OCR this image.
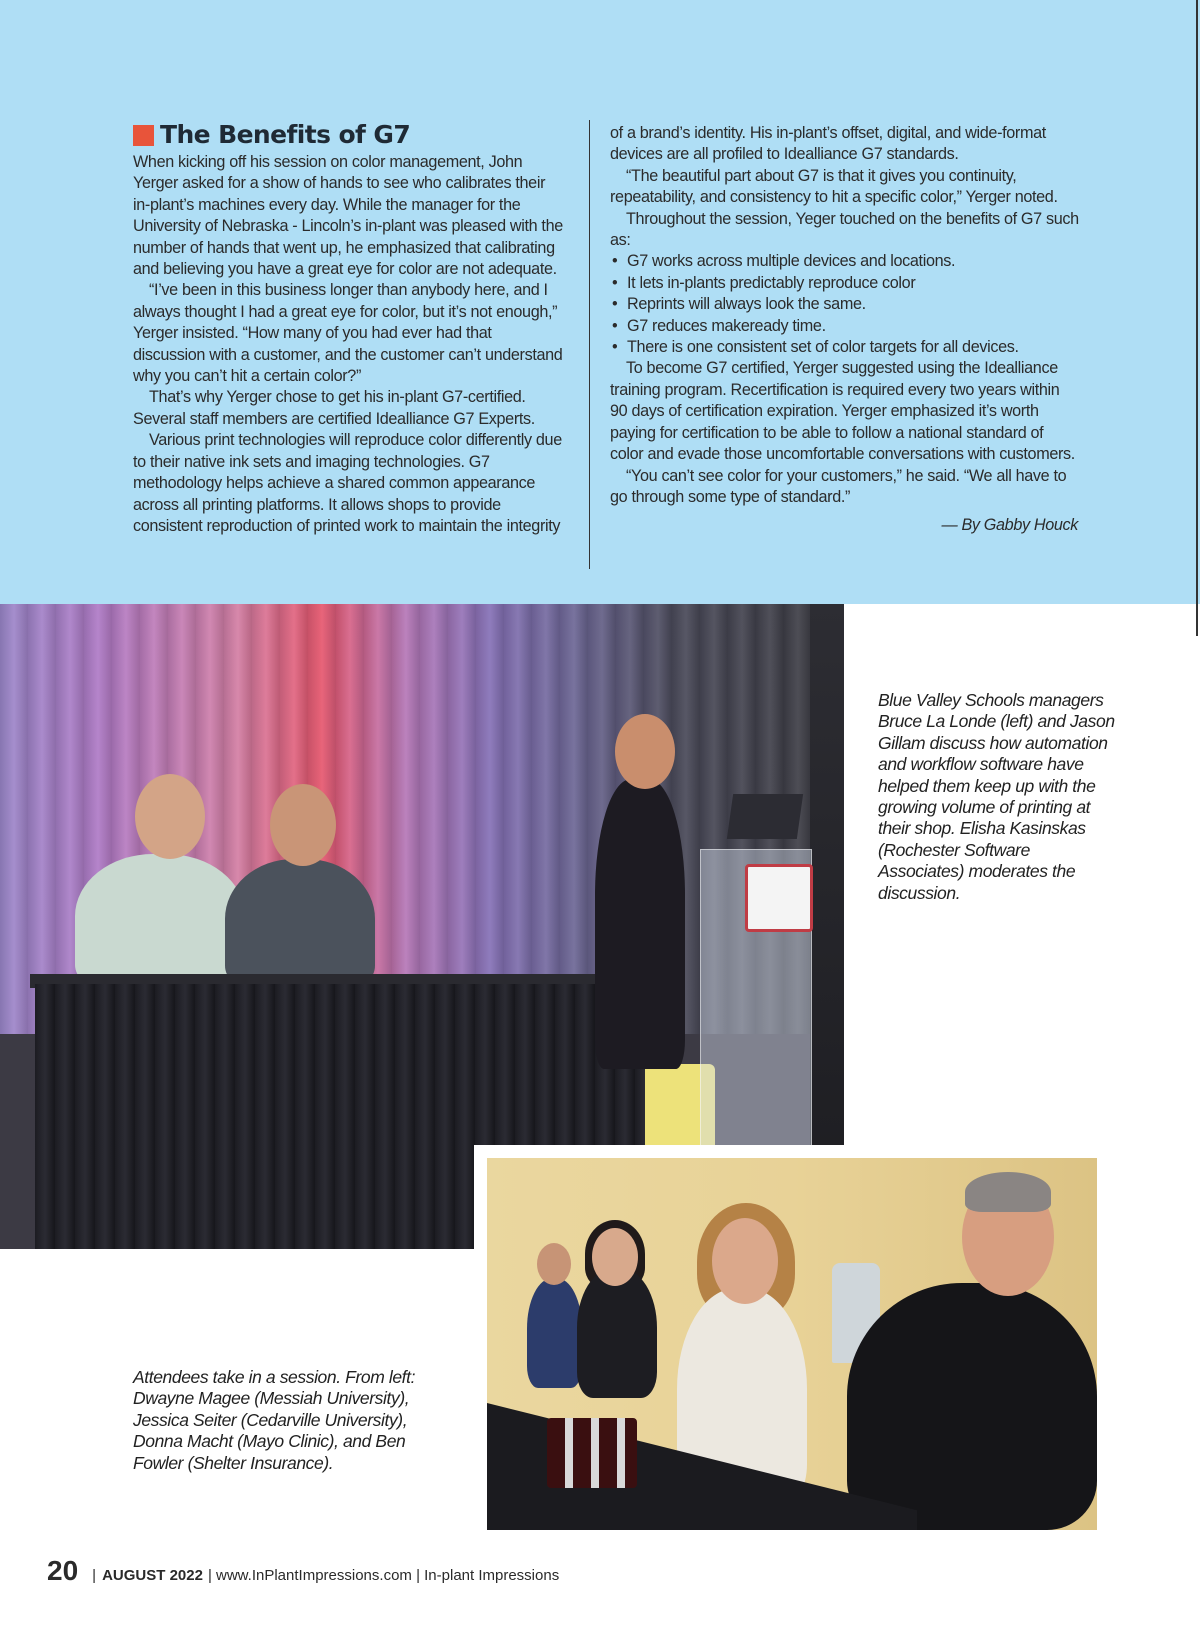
The Benefits of G7

When kicking off his session on color management, John Yerger asked for a show of hands to see who calibrates their in-plant’s machines every day. While the manager for the University of Nebraska - Lincoln’s in-plant was pleased with the number of hands that went up, he emphasized that calibrating and believing you have a great eye for color are not adequate.

“I’ve been in this business longer than anybody here, and I always thought I had a great eye for color, but it’s not enough,” Yerger insisted. “How many of you had ever had that discussion with a customer, and the customer can’t understand why you can’t hit a certain color?”

That’s why Yerger chose to get his in-plant G7-certified. Several staff members are certified Idealliance G7 Experts.

Various print technologies will reproduce color differently due to their native ink sets and imaging technologies. G7 methodology helps achieve a shared common appearance across all printing platforms. It allows shops to provide consistent reproduction of printed work to maintain the integrity

of a brand’s identity. His in-plant’s offset, digital, and wide-format devices are all profiled to Idealliance G7 standards.

“The beautiful part about G7 is that it gives you continuity, repeatability, and consistency to hit a specific color,” Yerger noted.

Throughout the session, Yeger touched on the benefits of G7 such as:

• G7 works across multiple devices and locations.
• It lets in-plants predictably reproduce color
• Reprints will always look the same.
• G7 reduces makeready time.
• There is one consistent set of color targets for all devices.

To become G7 certified, Yerger suggested using the Idealliance training program. Recertification is required every two years within 90 days of certification expiration. Yerger emphasized it’s worth paying for certification to be able to follow a national standard of color and evade those uncomfortable conversations with customers.

“You can’t see color for your customers,” he said. “We all have to go through some type of standard.”

— By Gabby Houck

Blue Valley Schools managers Bruce La Londe (left) and Jason Gillam discuss how automation and workflow software have helped them keep up with the growing volume of printing at their shop. Elisha Kasinskas (Rochester Software Associates) moderates the discussion.
Attendees take in a session. From left: Dwayne Magee (Messiah University), Jessica Seiter (Cedarville University), Donna Macht (Mayo Clinic), and Ben Fowler (Shelter Insurance).
20 | AUGUST 2022 | www.InPlantImpressions.com | In-plant Impressions
